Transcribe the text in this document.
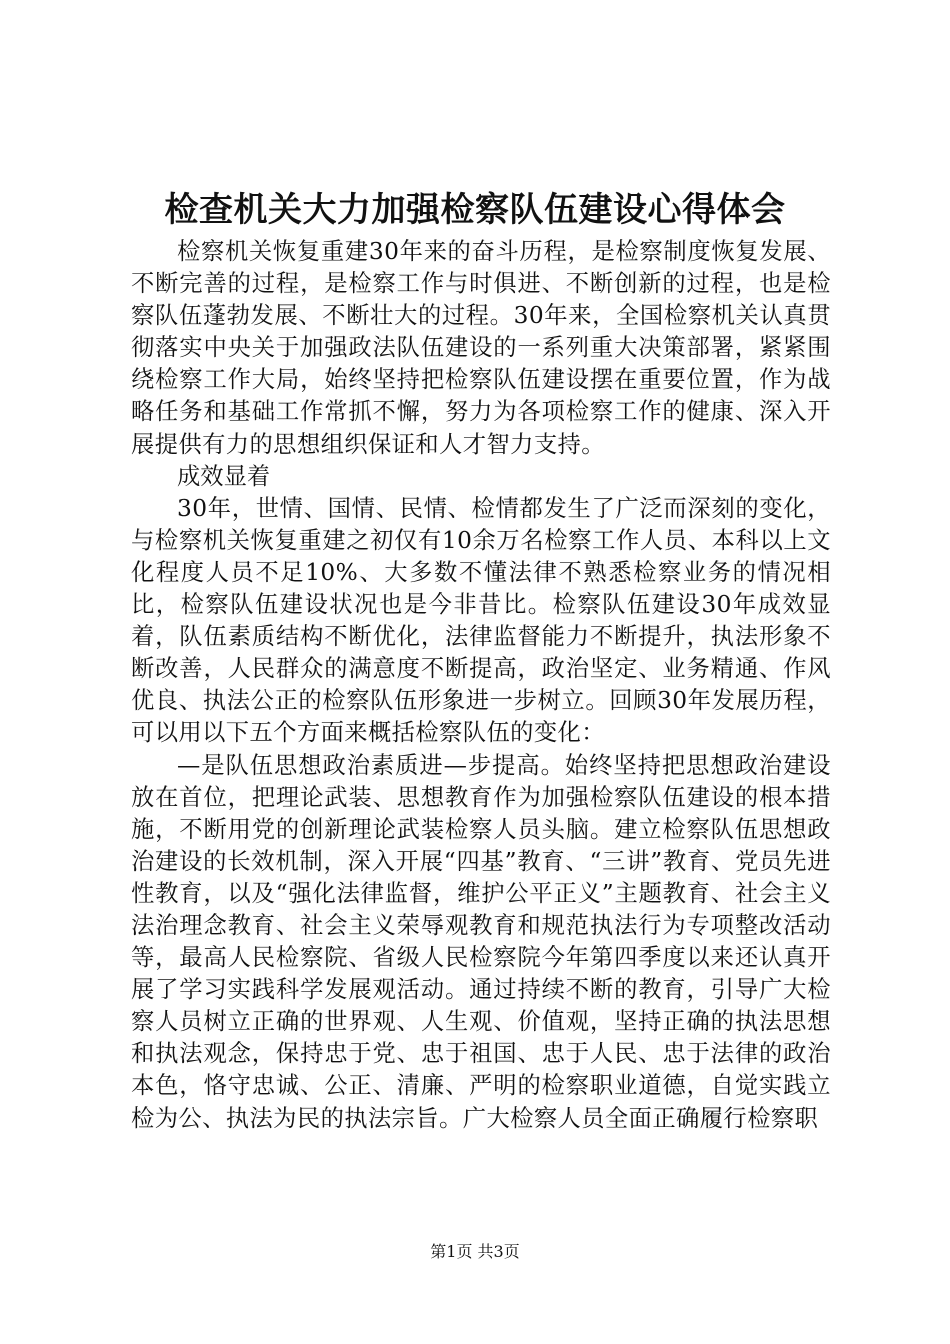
检查机关大力加强检察队伍建设心得体会

检察机关恢复重建30年来的奋斗历程，是检察制度恢复发展、不断完善的过程，是检察工作与时俱进、不断创新的过程，也是检察队伍蓬勃发展、不断壮大的过程。30年来，全国检察机关认真贯彻落实中央关于加强政法队伍建设的一系列重大决策部署，紧紧围绕检察工作大局，始终坚持把检察队伍建设摆在重要位置，作为战略任务和基础工作常抓不懈，努力为各项检察工作的健康、深入开展提供有力的思想组织保证和人才智力支持。

成效显着

30年，世情、国情、民情、检情都发生了广泛而深刻的变化，与检察机关恢复重建之初仅有10余万名检察工作人员、本科以上文化程度人员不足10%、大多数不懂法律不熟悉检察业务的情况相比，检察队伍建设状况也是今非昔比。检察队伍建设30年成效显着，队伍素质结构不断优化，法律监督能力不断提升，执法形象不断改善，人民群众的满意度不断提高，政治坚定、业务精通、作风优良、执法公正的检察队伍形象进一步树立。回顾30年发展历程，可以用以下五个方面来概括检察队伍的变化：

—是队伍思想政治素质进—步提高。始终坚持把思想政治建设放在首位，把理论武装、思想教育作为加强检察队伍建设的根本措施，不断用党的创新理论武装检察人员头脑。建立检察队伍思想政治建设的长效机制，深入开展“四基”教育、“三讲”教育、党员先进性教育，以及“强化法律监督，维护公平正义”主题教育、社会主义法治理念教育、社会主义荣辱观教育和规范执法行为专项整改活动等，最高人民检察院、省级人民检察院今年第四季度以来还认真开展了学习实践科学发展观活动。通过持续不断的教育，引导广大检察人员树立正确的世界观、人生观、价值观，坚持正确的执法思想和执法观念，保持忠于党、忠于祖国、忠于人民、忠于法律的政治本色，恪守忠诚、公正、清廉、严明的检察职业道德，自觉实践立检为公、执法为民的执法宗旨。广大检察人员全面正确履行检察职

第1页 共3页
